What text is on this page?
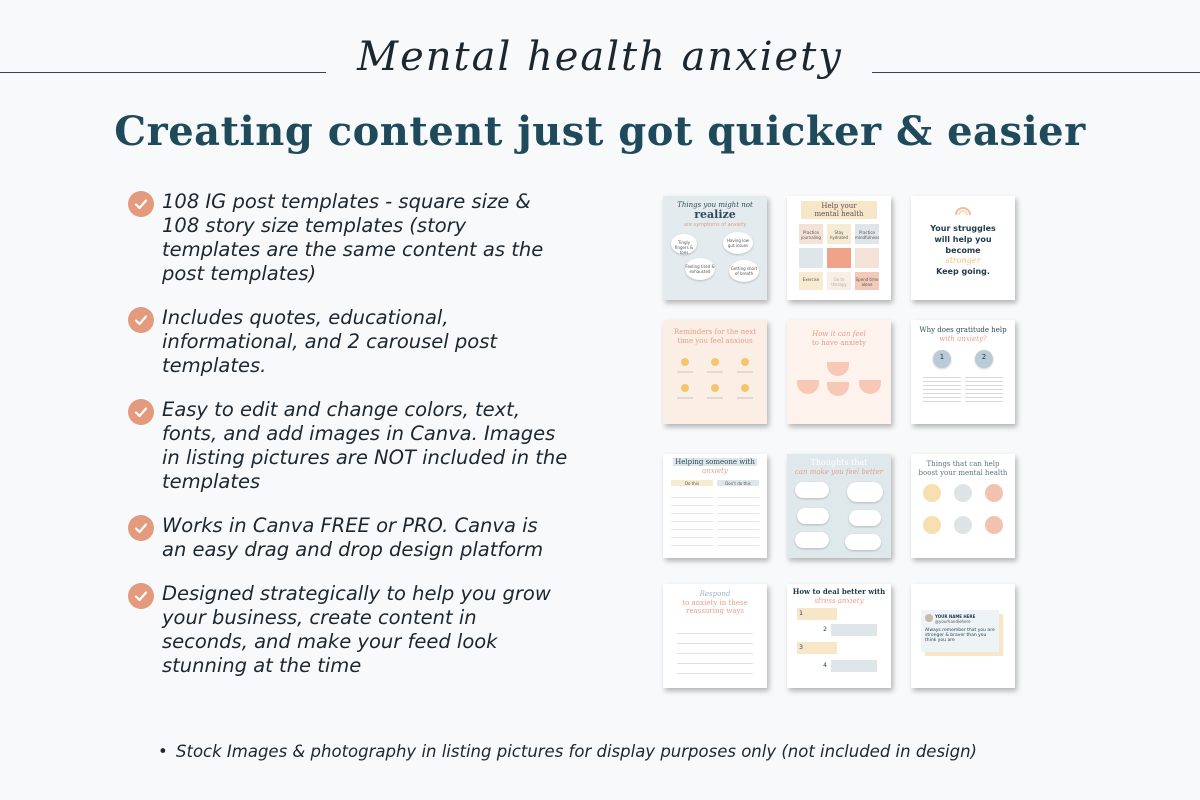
Mental health anxiety
Creating content just got quicker & easier
108 IG post templates - square size & 108 story size templates (story templates are the same content as the post templates)
Includes quotes, educational, informational, and 2 carousel post templates.
Easy to edit and change colors, text, fonts, and add images in Canva. Images in listing pictures are NOT included in the templates
Works in Canva FREE or PRO. Canva is an easy drag and drop design platform
Designed strategically to help you grow your business, create content in seconds, and make your feed look stunning at the time
Things you might not
realize
are symptoms of anxiety
Tingly fingers & toes
Having low gut issues
Feeling tired & exhausted
Getting short of breath
Help your
mental health
Practice journaling
Stay hydrated
Practice mindfulness
Exercise	Spend time alone
Your struggles
will help you
become
stronger
Keep going.
Reminders for the next
time you feel anxious
How it can feel
to have anxiety
Why does gratitude help
with anxiety?
1	2
Helping someone with
anxiety
Do this	Don't do this
Thoughts that
can make you feel better
Things that can help
boost your mental health
Respond
to anxiety in these
reassuring ways
How to deal better with
stress anxiety
1
2
3
4
YOUR NAME HERE
@yourhandlehere
Always remember that you are stronger & braver than you think you are
• Stock Images & photography in listing pictures for display purposes only (not included in design)
